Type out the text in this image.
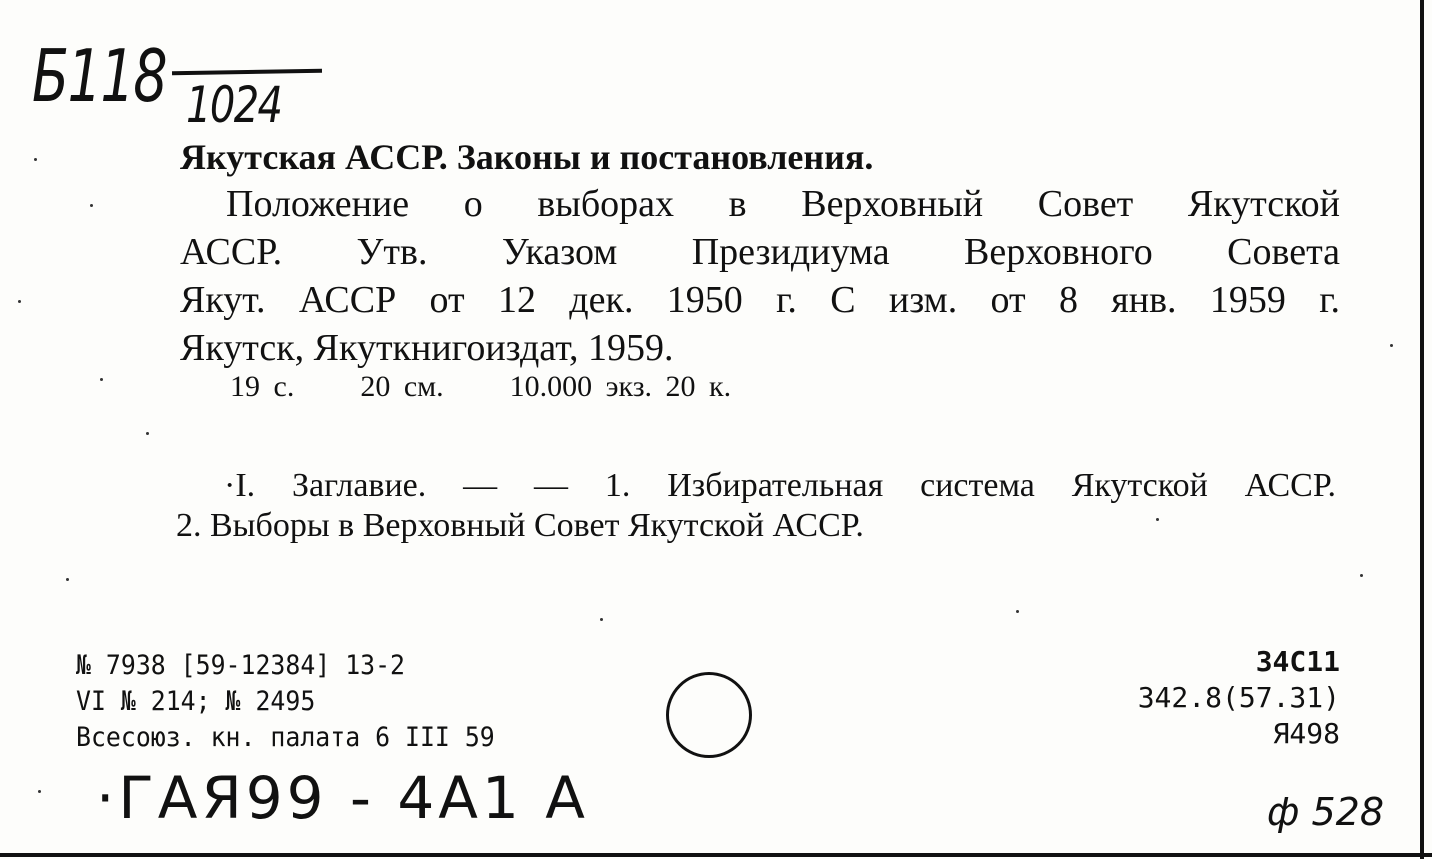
Б118 1024
Якутская АССР. Законы и постановления.
Положение о выборах в Верховный Совет Якутской
АССР. Утв. Указом Президиума Верховного Совета
Якут. АССР от 12 дек. 1950 г. С изм. от 8 янв. 1959 г.
Якутск, Якуткнигоиздат, 1959.
19 с. 20 см. 10.000 экз. 20 к.
·I. Заглавие. — — 1. Избирательная система Якутской АССР.
2. Выборы в Верховный Совет Якутской АССР.
№ 7938 [59-12384] 13-2
VI № 214; № 2495
Всесоюз. кн. палата 6 III 59
34С11
342.8(57.31)
Я498
·ГАЯ99 - 4А1 А	ф 528
